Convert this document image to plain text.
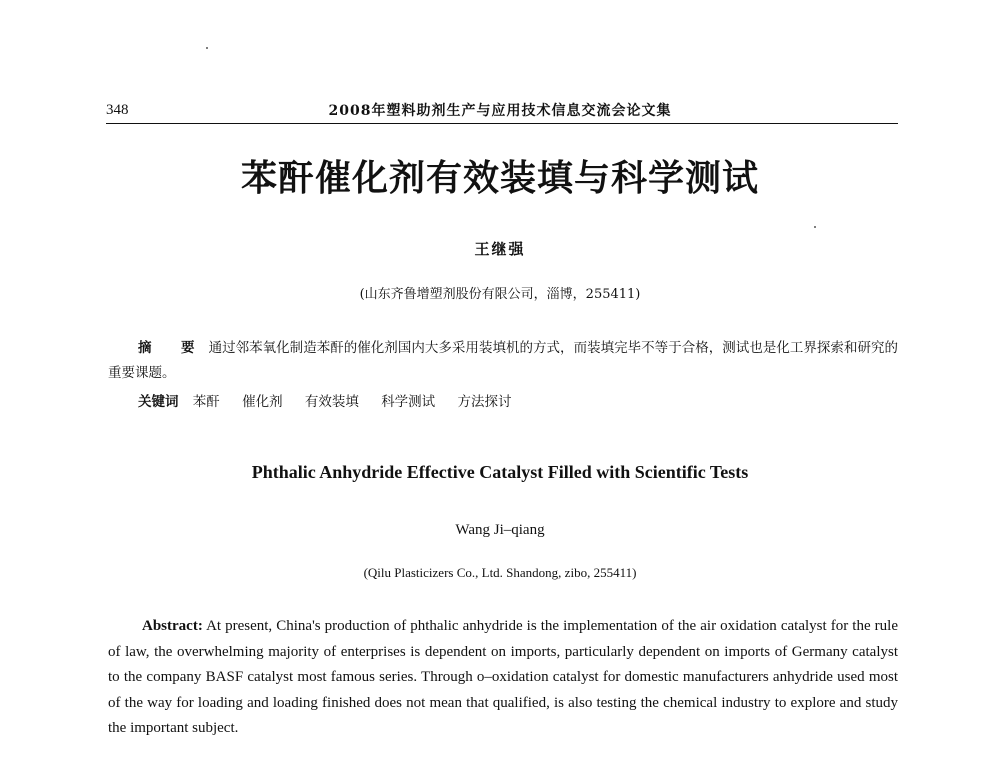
348	2008年塑料助剂生产与应用技术信息交流会论文集
苯酐催化剂有效装填与科学测试
王继强
(山东齐鲁增塑剂股份有限公司，淄博，255411)
摘　要 通过邻苯氧化制造苯酐的催化剂国内大多采用装填机的方式，而装填完毕不等于合格，测试也是化工界探索和研究的重要课题。
关键词 苯酐 催化剂 有效装填 科学测试 方法探讨
Phthalic Anhydride Effective Catalyst Filled with Scientific Tests
Wang Ji–qiang
(Qilu Plasticizers Co., Ltd. Shandong, zibo, 255411)
Abstract: At present, China's production of phthalic anhydride is the implementation of the air oxidation catalyst for the rule of law, the overwhelming majority of enterprises is dependent on imports, particularly dependent on imports of Germany catalyst to the company BASF catalyst most famous series. Through o–oxidation catalyst for domestic manufacturers anhydride used most of the way for loading and loading finished does not mean that qualified, is also testing the chemical industry to explore and study the important subject.
